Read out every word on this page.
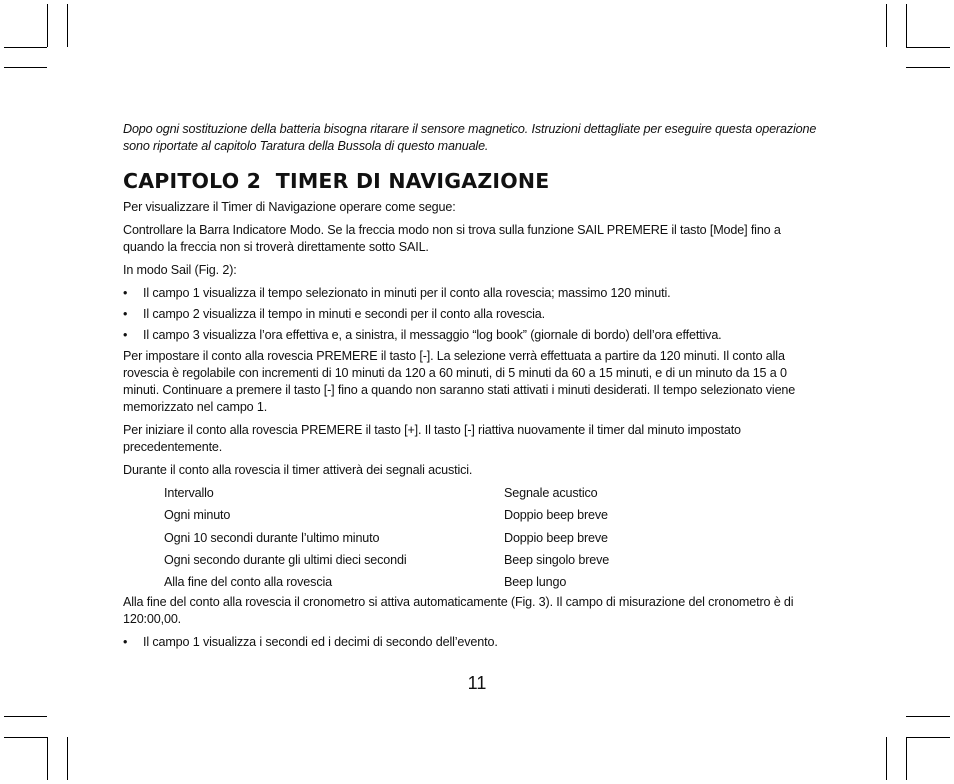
Dopo ogni sostituzione della batteria bisogna ritarare il sensore magnetico. Istruzioni dettagliate per eseguire questa operazione sono riportate al capitolo Taratura della Bussola di questo manuale.

CAPITOLO 2  TIMER DI NAVIGAZIONE

Per visualizzare il Timer di Navigazione operare come segue:

Controllare la Barra Indicatore Modo. Se la freccia modo non si trova sulla funzione SAIL PREMERE il tasto [Mode] fino a quando la freccia non si troverà direttamente sotto SAIL.

In modo Sail (Fig. 2):

• Il campo 1 visualizza il tempo selezionato in minuti per il conto alla rovescia; massimo 120 minuti.
• Il campo 2 visualizza il tempo in minuti e secondi per il conto alla rovescia.
• Il campo 3 visualizza l’ora effettiva e, a sinistra, il messaggio “log book” (giornale di bordo) dell’ora effettiva.

Per impostare il conto alla rovescia PREMERE il tasto [-]. La selezione verrà effettuata a partire da 120 minuti. Il conto alla rovescia è regolabile con incrementi di 10 minuti da 120 a 60 minuti, di 5 minuti da 60 a 15 minuti, e di un minuto da 15 a 0 minuti. Continuare a premere il tasto [-] fino a quando non saranno stati attivati i minuti desiderati. Il tempo selezionato viene memorizzato nel campo 1.

Per iniziare il conto alla rovescia PREMERE il tasto [+]. Il tasto [-] riattiva nuovamente il timer dal minuto impostato precedentemente.

Durante il conto alla rovescia il timer attiverà dei segnali acustici.

Intervallo	Segnale acustico
Ogni minuto	Doppio beep breve
Ogni 10 secondi durante l’ultimo minuto	Doppio beep breve
Ogni secondo durante gli ultimi dieci secondi	Beep singolo breve
Alla fine del conto alla rovescia	Beep lungo

Alla fine del conto alla rovescia il cronometro si attiva automaticamente (Fig. 3). Il campo di misurazione del cronometro è di 120:00,00.

• Il campo 1 visualizza i secondi ed i decimi di secondo dell’evento.
11
